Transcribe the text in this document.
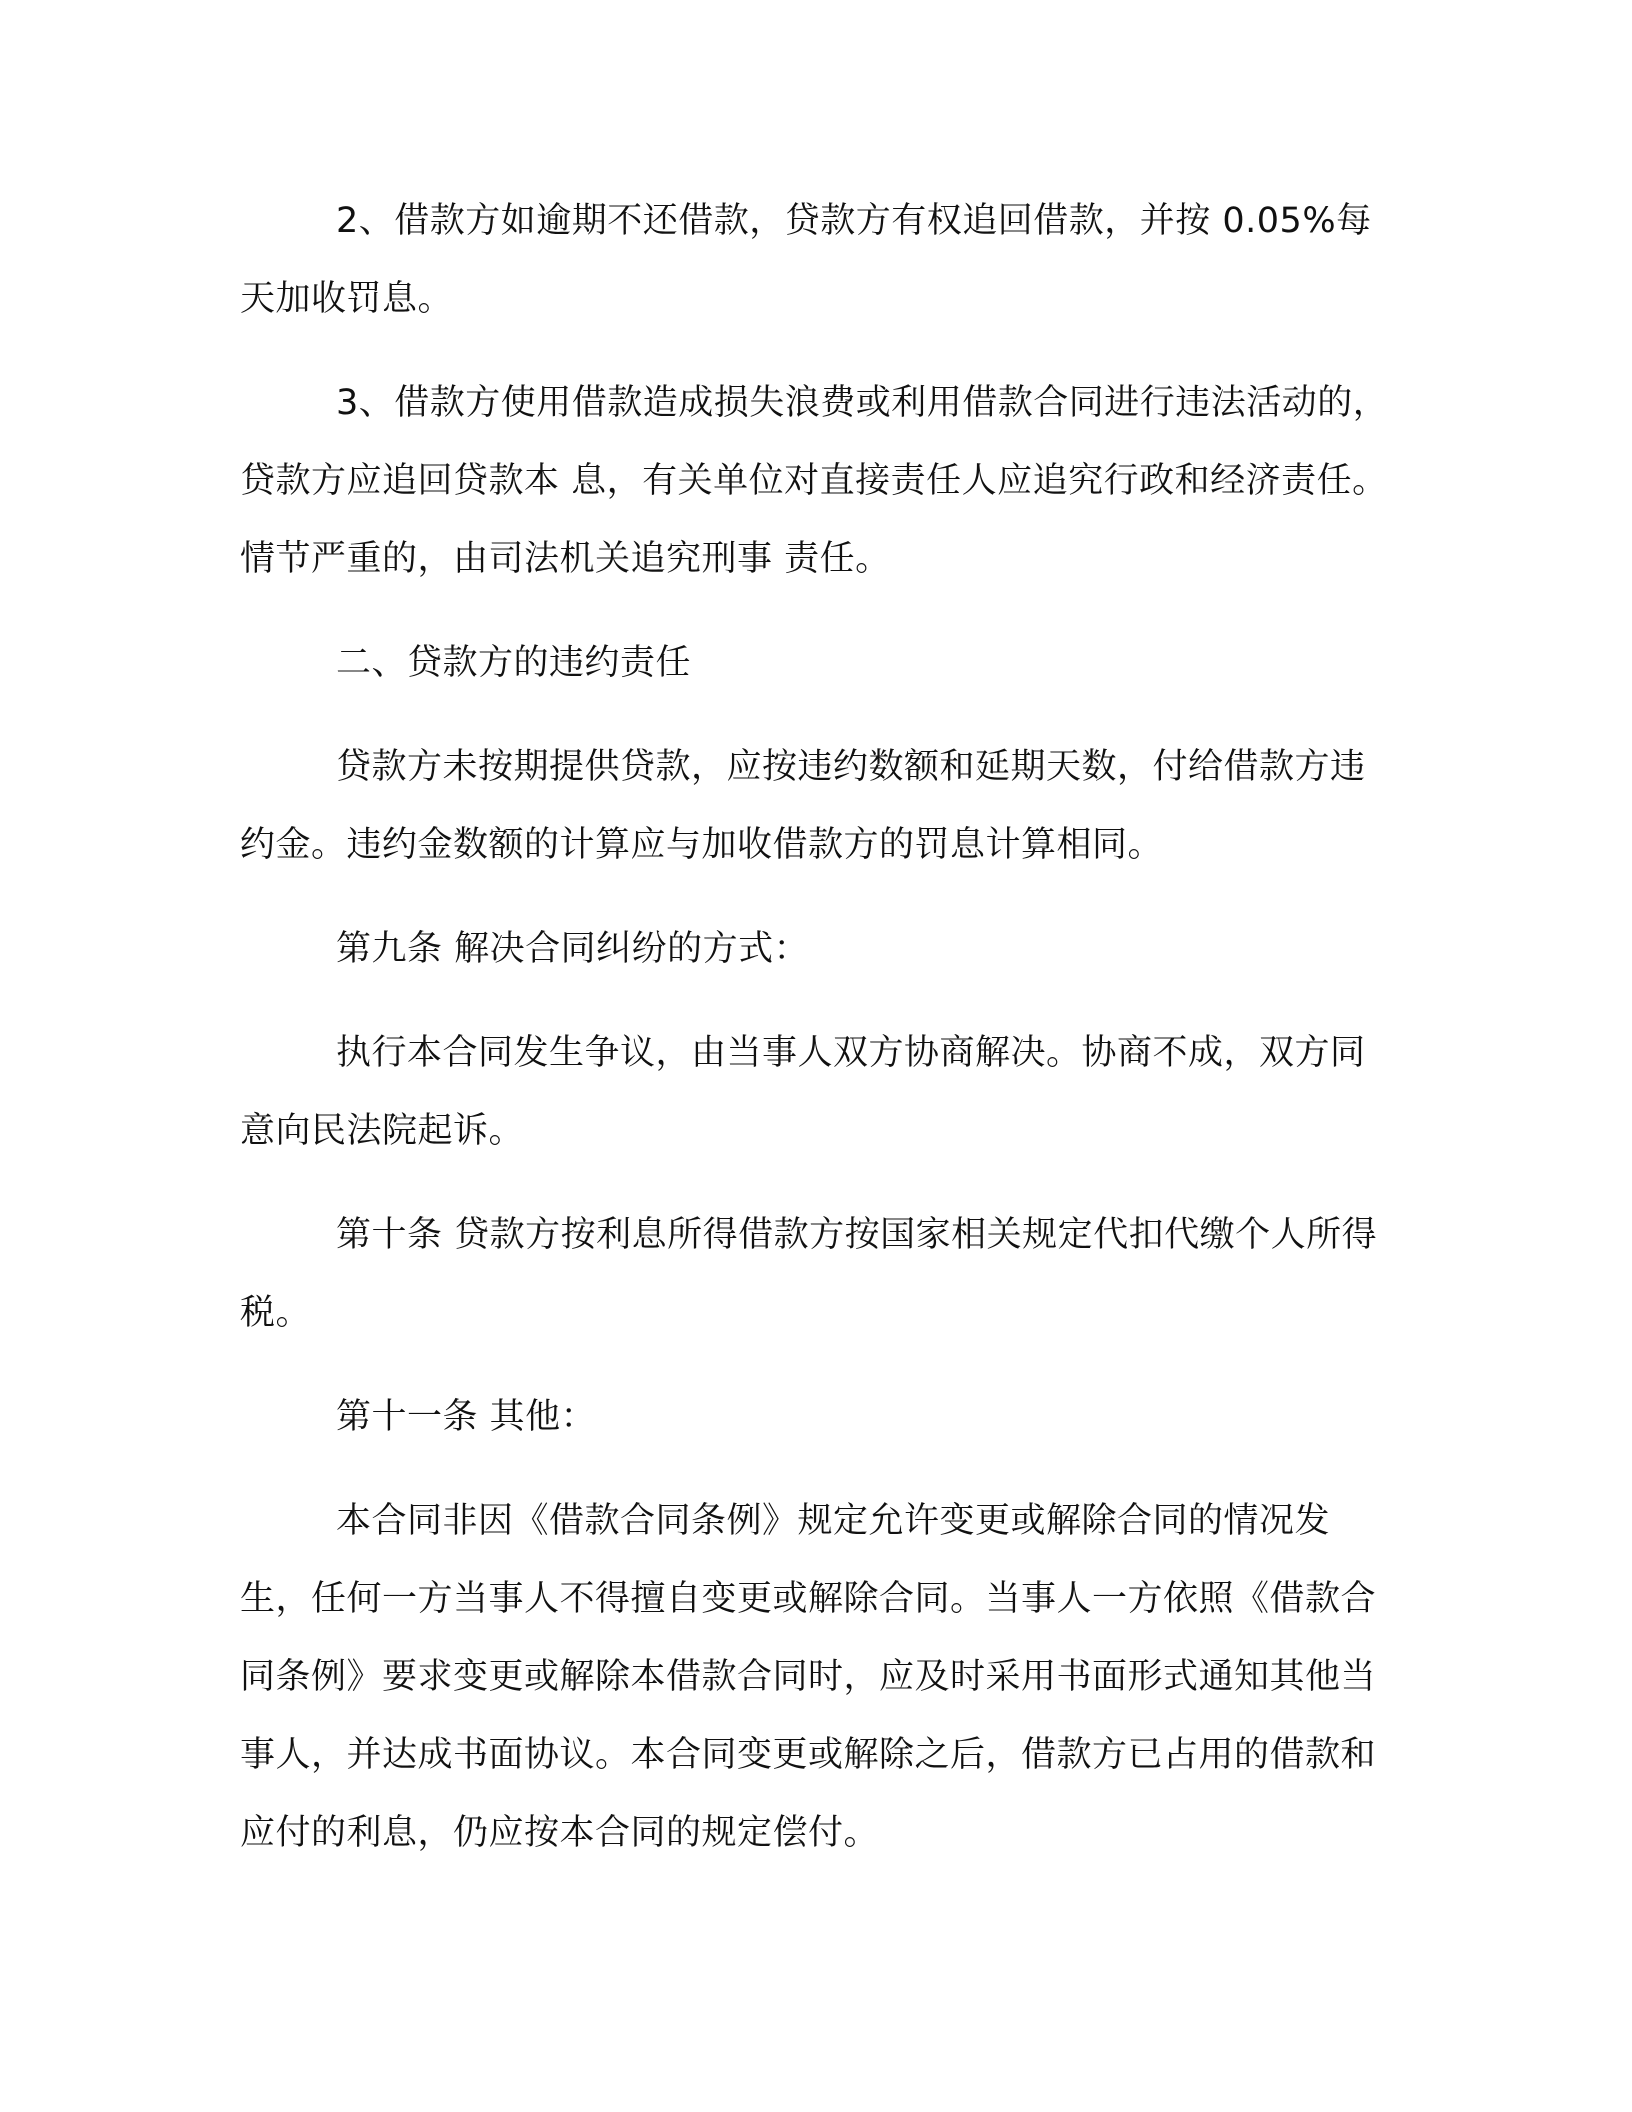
2、借款方如逾期不还借款，贷款方有权追回借款，并按 0.05%每天加收罚息。

3、借款方使用借款造成损失浪费或利用借款合同进行违法活动的，贷款方应追回贷款本 息，有关单位对直接责任人应追究行政和经济责任。情节严重的，由司法机关追究刑事 责任。

二、贷款方的违约责任

贷款方未按期提供贷款，应按违约数额和延期天数，付给借款方违约金。违约金数额的计算应与加收借款方的罚息计算相同。

第九条 解决合同纠纷的方式：

执行本合同发生争议，由当事人双方协商解决。协商不成，双方同意向民法院起诉。

第十条 贷款方按利息所得借款方按国家相关规定代扣代缴个人所得税。

第十一条 其他：

本合同非因《借款合同条例》规定允许变更或解除合同的情况发生，任何一方当事人不得擅自变更或解除合同。当事人一方依照《借款合同条例》要求变更或解除本借款合同时，应及时采用书面形式通知其他当事人，并达成书面协议。本合同变更或解除之后，借款方已占用的借款和应付的利息，仍应按本合同的规定偿付。
